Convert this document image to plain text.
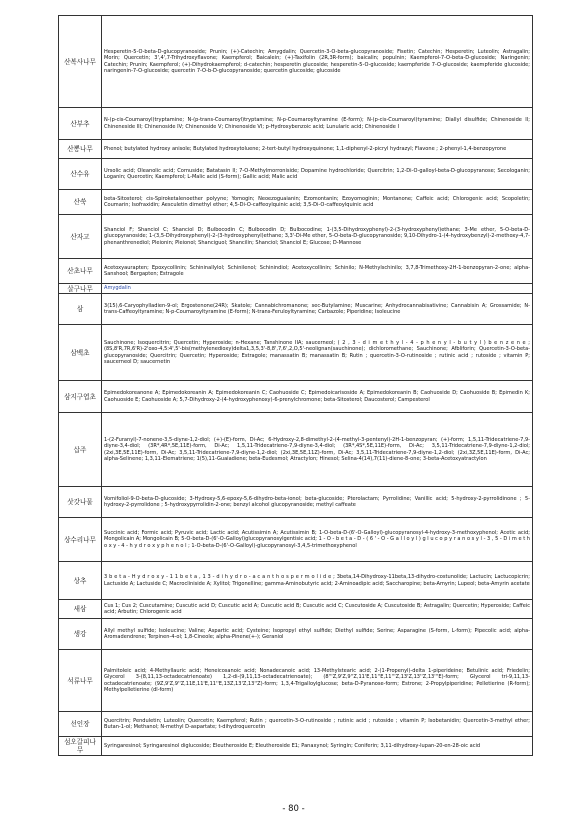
산복사나무	Hesperetin-5-O-beta-D-glucopyranoside; Prunin; (+)-Catechin; Amygdalin; Quercetin-3-O-beta-glucopyranoside; Fisetin; Catechin; Hesperetin; Luteolin; Astragalin; Morin; Quercetin; 3',4',7-Trihydroxyflavone; Kaempferol; Baicalein; (+)-Taxifolin (2R,3R-form); baicalin; populnin; Kaempferol-7-O-beta-D-glucoside; Naringenin; Catechin; Prunin; Kaempferol; (+)-Dihydrokaempferol; d-catechin; hesperetin glucoside; hesperetin-5-O-glucoside; kaempferide 7-O-glucoside; kaempferide glucoside; naringenin-7-O-glucoside; quercetin 7-O-b-D-glucopyranoside; quercetin glucoside; glucoside
산부추	N-(p-cis-Coumaroyl)tryptamine; N-(p-trans-Coumaroyl)tryptamine; N-p-Coumaroyltyramine (E-form); N-(p-cis-Coumaroyl)tyramine; Diallyl disulfide; Chinenoside II; Chineneside III; Chinenoside IV; Chinenoside V; Chinenoside VI; p-Hydroxybenzoic acid; Lunularic acid; Chinenoside I
산뽕나무	Phenol; butylated hydroxy anisole; Butylated hydroxytoluene; 2-tert-butyl hydroxyquinone; 1,1-diphenyl-2-picryl hydrazyl; Flavone ; 2-phenyl-1,4-benzopyrone
산수유	Ursolic acid; Oleanolic acid; Cornuside; Batatasin II; 7-O-Methylmorroniside; Dopamine hydrochloride; Quercitrin; 1,2-Di-O-galloyl-beta-D-glucopyranose; Secologanin; Loganin; Quercetin; Kaempferol; L-Malic acid (S-form); Gallic acid; Malic acid
산쑥	beta-Sitosterol; cis-Spiroketalenoether polyyne; Yomogin; Neoezoguaianin; Ezomontanin; Ezoyomoginin; Montanone; Caffeic acid; Chlorogenic acid; Scopoletin; Coumarin; Isofraxidin; Aesculetin dimethyl ether; 4,5-Di-O-caffeoylquinic acid; 3,5-Di-O-caffeoylquinic acid
산자고	Shanciol F; Shanciol C; Shanciol D; Bulbocodin C; Bulbocodin D; Bulbocodine; 1-(3,5-Dihydroxyphenyl)-2-(3-hydroxyphenyl)ethane; 3-Me ether, 5-O-beta-D-glucopyranoside; 1-(3,5-Dihydroxyphenyl)-2-(3-hydroxyphenyl)ethane; 3,3'-Di-Me ether, 5-O-beta-D-glucopyranoside; 9,10-Dihydro-1-(4-hydroxybenzyl)-2-methoxy-4,7-phenanthrenediol; Pleionin; Pleionol; Shanciguol; Shancilin; Shanciol; Shanciol E; Glucose; D-Mannose
산초나무	Acetoxyaurapten; Epoxycollinin; Schininallylol; Schinilenol; Schinindiol; Acetoxycollinin; Schinilo; N-Methylschinilo; 3,7,8-Trimethoxy-2H-1-benzopyran-2-one; alpha-Sanshool; Bergapten; Estragole
살구나무	Amygdalin
삼	3(15),6-Caryophylladien-9-ol; Ergostenone(24R); Skatole; Cannabichromanone; sec-Butylamine; Muscarine; Anhydrocannabisativine; Cannabisin A; Grossamide; N-trans-Caffeoyltyramine; N-p-Coumaroyltyramine (E-form); N-trans-Feruloyltyramine; Carbazole; Piperidine; Isoleucine
삼백초	Sauchinone; Isoquercitrin; Quercetin; Hyperoside; n-Hexane; Tanshinone IIA; saucerneol; ( 2 , 3 - d i m e t h y l - 4 - p h e n y l - b u t y l ) b e n z e n e ; (8S,8'R,7R,6'R)-2'oxo-4,5:4',5'-bis(methylenedioxy)delta1,3,5,3'-8,8',7,6',2,O,5'-neolignan(sauchinone); dichloromethane; Sauchinone; Afbliforin; Quercetin-3-O-beta-glucopyranoside; Quercitrin; Quercetin; Hyperoside; Estragole; manassatin B; manassatin B; Rutin ; quercetin-3-O-rutinoside ; rutinic acid ; rutoside ; vitamin P; saucerneol D; saucernetin
삼지구엽초	Epimedokoreanone A; Epimedokoreanin A; Epimedokoreanin C; Caohuoside C; Epimedoicarisoside A; Epimedokoreanin B; Caohuoside D; Caohuoside B; Epimedin K; Caohuoside E; Caohuoside A; 5,7-Dihydroxy-2-(4-hydroxyphenoxy)-6-prenylchromone; beta-Sitosterol; Daucosterol; Campesterol
삽주	1-(2-Furanyl)-7-nonene-3,5-diyne-1,2-diol; (+)-(E)-form, Di-Ac; 6-Hydroxy-2,8-dimethyl-2-(4-methyl-3-pentenyl)-2H-1-benzopyran; (+)-form; 1,5,11-Tridecatriene-7,9-diyne-3,4-diol; (3R*,4R*,5E,11E)-form, Di-Ac; 1,5,11-Tridecatriene-7,9-diyne-3,4-diol; (3R*,4S*,5E,11E)-form, Di-Ac; 3,5,11-Tridecatriene-7,9-diyne-1,2-diol; (2xi,3E,5E,11E)-form, Di-Ac; 3,5,11-Tridecatriene-7,9-diyne-1,2-diol; (2xi,3E,5E,11Z)-form, Di-Ac; 3,5,11-Tridecatriene-7,9-diyne-1,2-diol; (2xi,3Z,5E,11E)-form, Di-Ac; alpha-Selinene; 1,3,11-Elematriene; 1(5),11-Guaiadiene; beta-Eudesmol; Atractylon; Hinesol; Selina-4(14),7(11)-diene-8-one; 3-beta-Acetoxyatractylon
삿갓나물	Vomifoliol-9-O-beta-D-glucoside; 3-Hydroxy-5,6-epoxy-5,6-dihydro-beta-ionol; beta-glucoside; Pterolactam; Pyrrolidine; Vanillic acid; 5-hydroxy-2-pyrrolidinone ; 5-hydroxy-2-pyrrolidone ; 5-hydroxypyrrolidin-2-one; benzyl alcohol glucopyranoside; methyl caffeate
상수리나무	Succinic acid; Formic acid; Pyruvic acid; Lactic acid; Acutissimin A; Acutissimin B; 1-O-beta-D-(6'-O-Galloyl)-glucopyranosyl-4-hydroxy-3-methoxyphenol; Acetic acid; Mongolicain A; Mongolicain B; 5-O-beta-D-(6'-O-Galloyl)glucopyranosylgentisic acid; 1 - O - b e t a - D - ( 6 ' - O - G a l l o y l ) g l u c o p y r a n o s y l - 3 , 5 - D i m e t h o x y - 4 - h y d r o x y p h e n o l ; 1-O-beta-D-(6'-O-Galloyl)-glucopyranosyl-3,4,5-trimethoxyphenol
상추	3 b e t a - H y d r o x y - 1 1 b e t a , 1 3 - d i h y d r o - a c a n t h o s p e r m o l i d e ; 3beta,14-Dihydroxy-11beta,13-dihydro-costunolide; Lactucin; Lactucopicrin; Lactuside A; Lactuside C; Macrocliniside A; Xylitol; Trigonelline; gamma-Aminobutyric acid; 2-Aminoadipic acid; Saccharopine; beta-Amyrin; Lupeol; beta-Amyrin acetate
새삼	Cus 1; Cus 2; Cuscutamine; Cuscutic acid D; Cuscutic acid A; Cuscutic acid B; Cuscutic acid C; Cuscutoside A; Cuscutoside B; Astragalin; Quercetin; Hyperoside; Caffeic acid; Arbutin; Chlorogenic acid
생강	Allyl methyl sulfide; Isoleucine; Valine; Aspartic acid; Cysteine; Isopropyl ethyl sulfide; Diethyl sulfide; Serine; Asparagine (S-form, L-form); Pipecolic acid; alpha-Aromadendrene; Terpinen-4-ol; 1,8-Cineole; alpha-Pinene(+-); Geraniol
석류나무	Palmitoleic acid; 4-Methyllauric acid; Heneicosanoic acid; Nonadecanoic acid; 13-Methylstearic acid; 2-(1-Propenyl)-delta 1-piperideine; Betulinic acid; Friedelin; Glycerol 3-(8,11,13-octadecatrienoate) 1,2-di-(9,11,13-octadecatrienoate); (8'''Z,9'Z,9''Z,11'E,11''E,11'''Z,13'Z,13''Z,13'''E)-form; Glycerol tri-9,11,13-octadecatrienoate; (9Z,9'Z,9''Z,11E,11'E,11''E,13Z,13'Z,13''Z)-form; 1,3,4-Trigalloylglucose; beta-D-Pyranose-form; Estrone; 2-Propylpiperidine; Pelletierine (R-form); Methylpelletierine (dl-form)
선인장	Quercitrin; Penduletin; Luteolin; Quercetin; Kaempferol; Rutin ; quercetin-3-O-rutinoside ; rutinic acid ; rutoside ; vitamin P; Isobetanidin; Quercetin-3-methyl ether; Butan-1-ol; Methanol; N-methyl D-aspartate; t-dihydroquercetin
섬오갈피나무	Syringaresinol; Syringaresinol diglucoside; Eleutheroside E; Eleutheroside E1; Panaxynol; Syringin; Coniferin; 3,11-dihydroxy-lupan-20-en-28-oic acid
- 80 -
